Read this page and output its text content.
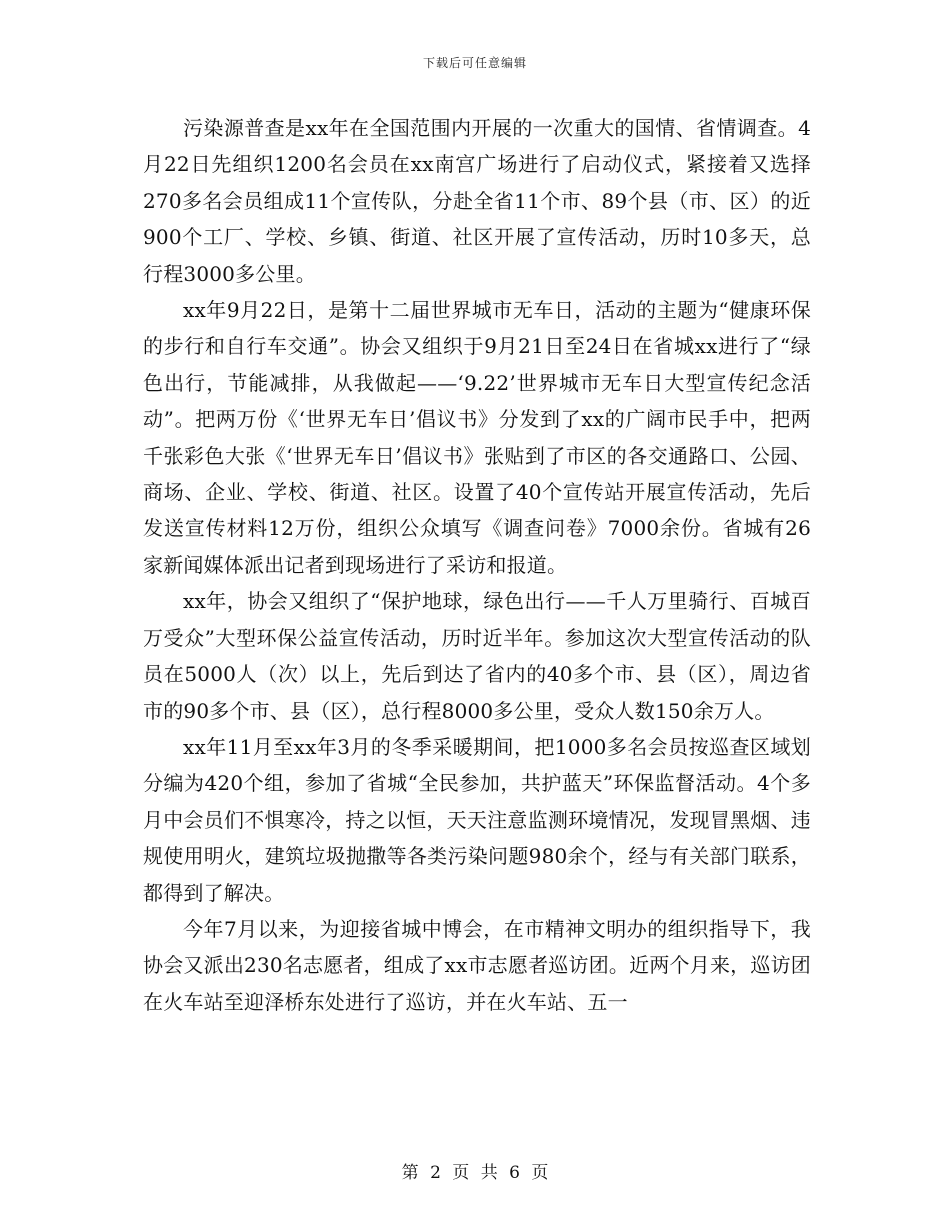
下载后可任意编辑

污染源普查是xx年在全国范围内开展的一次重大的国情、省情调查。4月22日先组织1200名会员在xx南宫广场进行了启动仪式，紧接着又选择270多名会员组成11个宣传队，分赴全省11个市、89个县（市、区）的近900个工厂、学校、乡镇、街道、社区开展了宣传活动，历时10多天，总行程3000多公里。

xx年9月22日，是第十二届世界城市无车日，活动的主题为“健康环保的步行和自行车交通”。协会又组织于9月21日至24日在省城xx进行了“绿色出行，节能减排，从我做起——‘9.22’世界城市无车日大型宣传纪念活动”。把两万份《‘世界无车日’倡议书》分发到了xx的广阔市民手中，把两千张彩色大张《‘世界无车日’倡议书》张贴到了市区的各交通路口、公园、商场、企业、学校、街道、社区。设置了40个宣传站开展宣传活动，先后发送宣传材料12万份，组织公众填写《调查问卷》7000余份。省城有26家新闻媒体派出记者到现场进行了采访和报道。

xx年，协会又组织了“保护地球，绿色出行——千人万里骑行、百城百万受众”大型环保公益宣传活动，历时近半年。参加这次大型宣传活动的队员在5000人（次）以上，先后到达了省内的40多个市、县（区），周边省市的90多个市、县（区），总行程8000多公里，受众人数150余万人。

xx年11月至xx年3月的冬季采暖期间，把1000多名会员按巡查区域划分编为420个组，参加了省城“全民参加，共护蓝天”环保监督活动。4个多月中会员们不惧寒冷，持之以恒，天天注意监测环境情况，发现冒黑烟、违规使用明火，建筑垃圾抛撒等各类污染问题980余个，经与有关部门联系，都得到了解决。

今年7月以来，为迎接省城中博会，在市精神文明办的组织指导下，我协会又派出230名志愿者，组成了xx市志愿者巡访团。近两个月来，巡访团在火车站至迎泽桥东处进行了巡访，并在火车站、五一

第 2 页 共 6 页
